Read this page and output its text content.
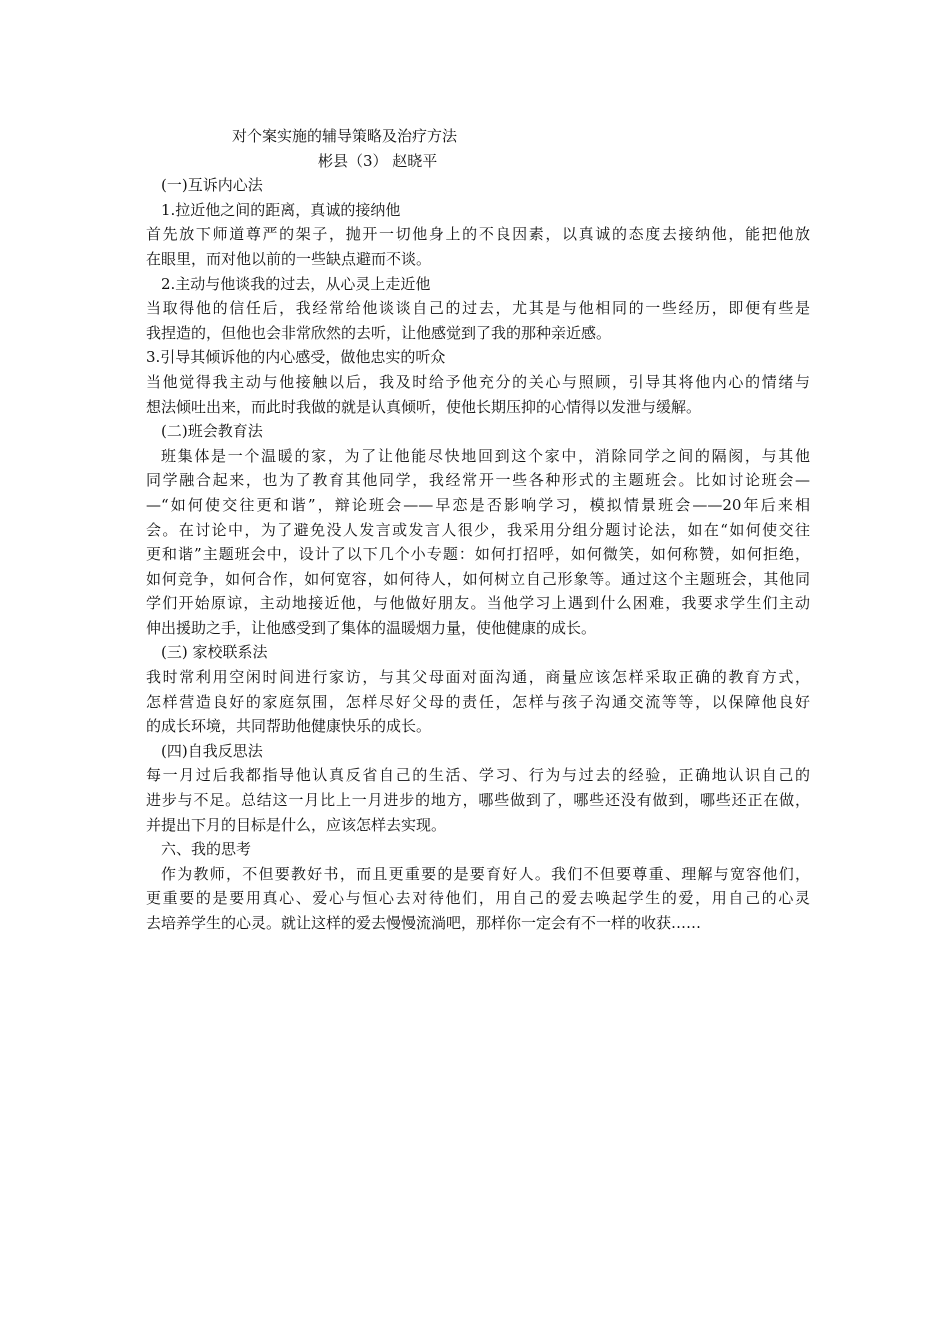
对个案实施的辅导策略及治疗方法

彬县（3） 赵晓平

(一)互诉内心法

1.拉近他之间的距离，真诚的接纳他

首先放下师道尊严的架子，抛开一切他身上的不良因素，以真诚的态度去接纳他，能把他放

在眼里，而对他以前的一些缺点避而不谈。

2.主动与他谈我的过去，从心灵上走近他

当取得他的信任后，我经常给他谈谈自己的过去，尤其是与他相同的一些经历，即便有些是

我捏造的，但他也会非常欣然的去听，让他感觉到了我的那种亲近感。

3.引导其倾诉他的内心感受，做他忠实的听众

当他觉得我主动与他接触以后，我及时给予他充分的关心与照顾，引导其将他内心的情绪与

想法倾吐出来，而此时我做的就是认真倾听，使他长期压抑的心情得以发泄与缓解。

(二)班会教育法

班集体是一个温暖的家，为了让他能尽快地回到这个家中，消除同学之间的隔阂，与其他

同学融合起来，也为了教育其他同学，我经常开一些各种形式的主题班会。比如讨论班会—

—“如何使交往更和谐”，辩论班会——早恋是否影响学习，模拟情景班会——20年后来相

会。在讨论中，为了避免没人发言或发言人很少，我采用分组分题讨论法，如在“如何使交往

更和谐”主题班会中，设计了以下几个小专题：如何打招呼，如何微笑，如何称赞，如何拒绝，

如何竞争，如何合作，如何宽容，如何待人，如何树立自己形象等。通过这个主题班会，其他同

学们开始原谅，主动地接近他，与他做好朋友。当他学习上遇到什么困难，我要求学生们主动

伸出援助之手，让他感受到了集体的温暖烟力量，使他健康的成长。

(三) 家校联系法

我时常利用空闲时间进行家访，与其父母面对面沟通，商量应该怎样采取正确的教育方式，

怎样营造良好的家庭氛围，怎样尽好父母的责任，怎样与孩子沟通交流等等，以保障他良好

的成长环境，共同帮助他健康快乐的成长。

(四)自我反思法

每一月过后我都指导他认真反省自己的生活、学习、行为与过去的经验，正确地认识自己的

进步与不足。总结这一月比上一月进步的地方，哪些做到了，哪些还没有做到，哪些还正在做，

并提出下月的目标是什么，应该怎样去实现。

六、我的思考

作为教师，不但要教好书，而且更重要的是要育好人。我们不但要尊重、理解与宽容他们，

更重要的是要用真心、爱心与恒心去对待他们，用自己的爱去唤起学生的爱，用自己的心灵

去培养学生的心灵。就让这样的爱去慢慢流淌吧，那样你一定会有不一样的收获……
